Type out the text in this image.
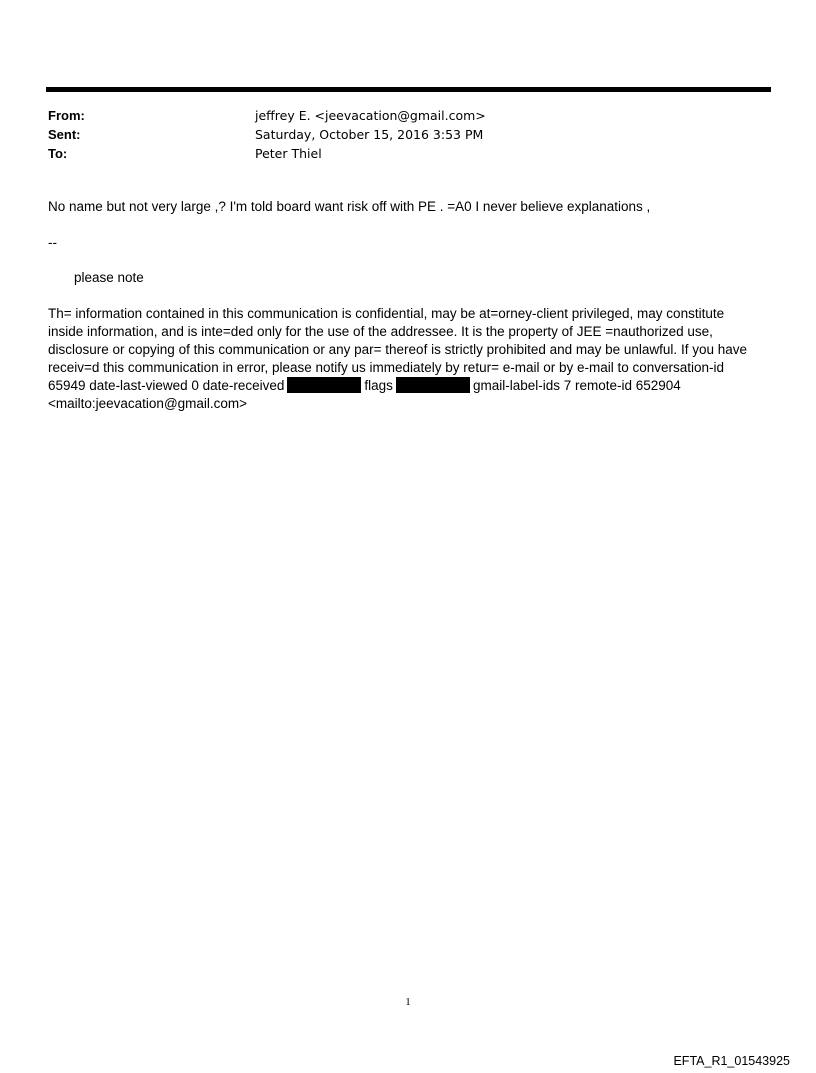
From:	jeffrey E. <jeevacation@gmail.com>
Sent:	Saturday, October 15, 2016 3:53 PM
To:	Peter Thiel
No name but not very large ,? I'm told board want risk off with PE . =A0 I never believe explanations ,
--
please note
Th= information contained in this communication is confidential, may be at=orney-client privileged, may constitute
inside information, and is inte=ded only for the use of the addressee. It is the property of JEE =nauthorized use,
disclosure or copying of this communication or any par= thereof is strictly prohibited and may be unlawful. If you have
receiv=d this communication in error, please notify us immediately by retur= e-mail or by e-mail to conversation-id
65949 date-last-viewed 0 date-received	flags	gmail-label-ids 7 remote-id 652904
<mailto:jeevacation@gmail.com>
1
EFTA_R1_01543925
